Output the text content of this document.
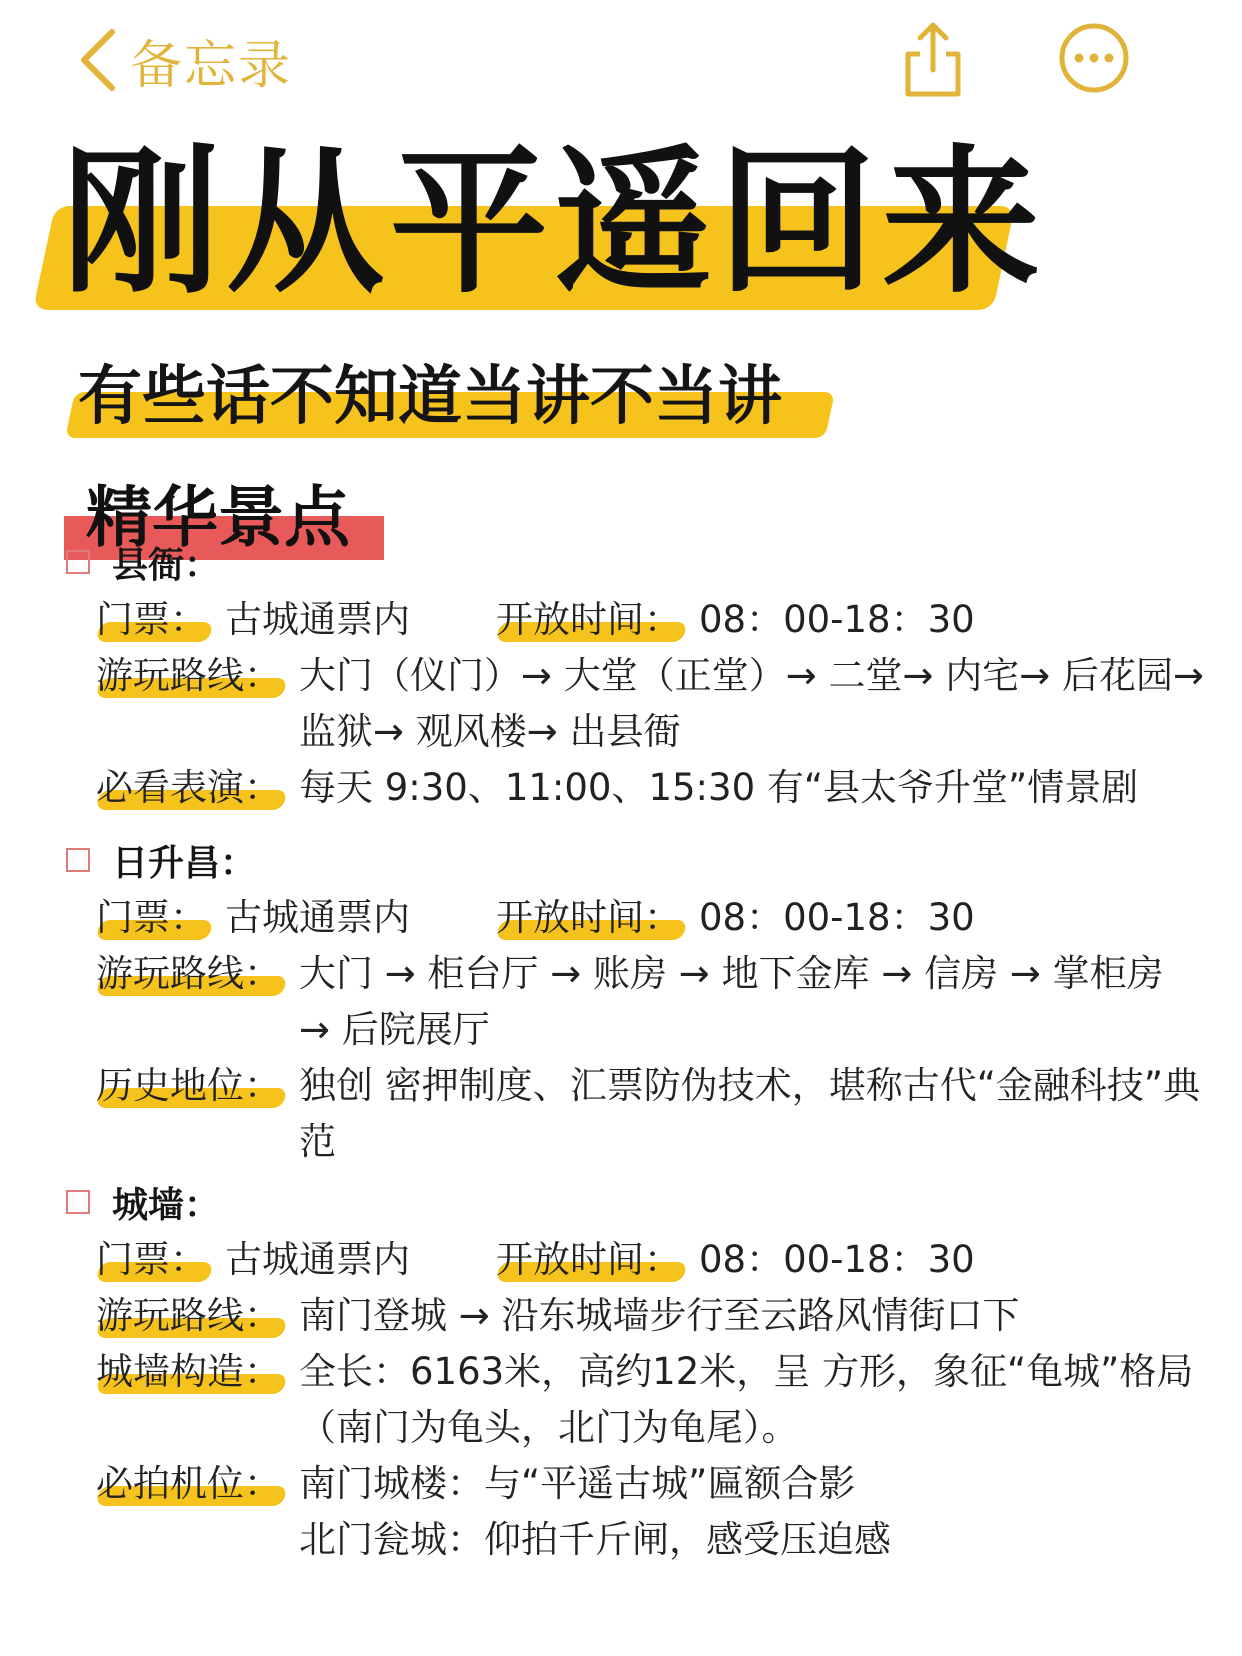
备忘录
刚从平遥回来
有些话不知道当讲不当讲
精华景点
县衙：
门票： 古城通票内 开放时间： 08：00-18：30
游玩路线： 大门（仪门）→ 大堂（正堂）→ 二堂→ 内宅→ 后花园→ 监狱→ 观风楼→ 出县衙
必看表演： 每天 9:30、11:00、15:30 有“县太爷升堂”情景剧
日升昌：
门票： 古城通票内 开放时间： 08：00-18：30
游玩路线： 大门 → 柜台厅 → 账房 → 地下金库 → 信房 → 掌柜房 → 后院展厅
历史地位： 独创 密押制度、汇票防伪技术，堪称古代“金融科技”典范
城墙：
门票： 古城通票内 开放时间： 08：00-18：30
游玩路线： 南门登城 → 沿东城墙步行至云路风情街口下
城墙构造： 全长：6163米，高约12米，呈 方形，象征“龟城”格局（南门为龟头，北门为龟尾）。
必拍机位： 南门城楼：与“平遥古城”匾额合影
北门瓮城：仰拍千斤闸，感受压迫感
